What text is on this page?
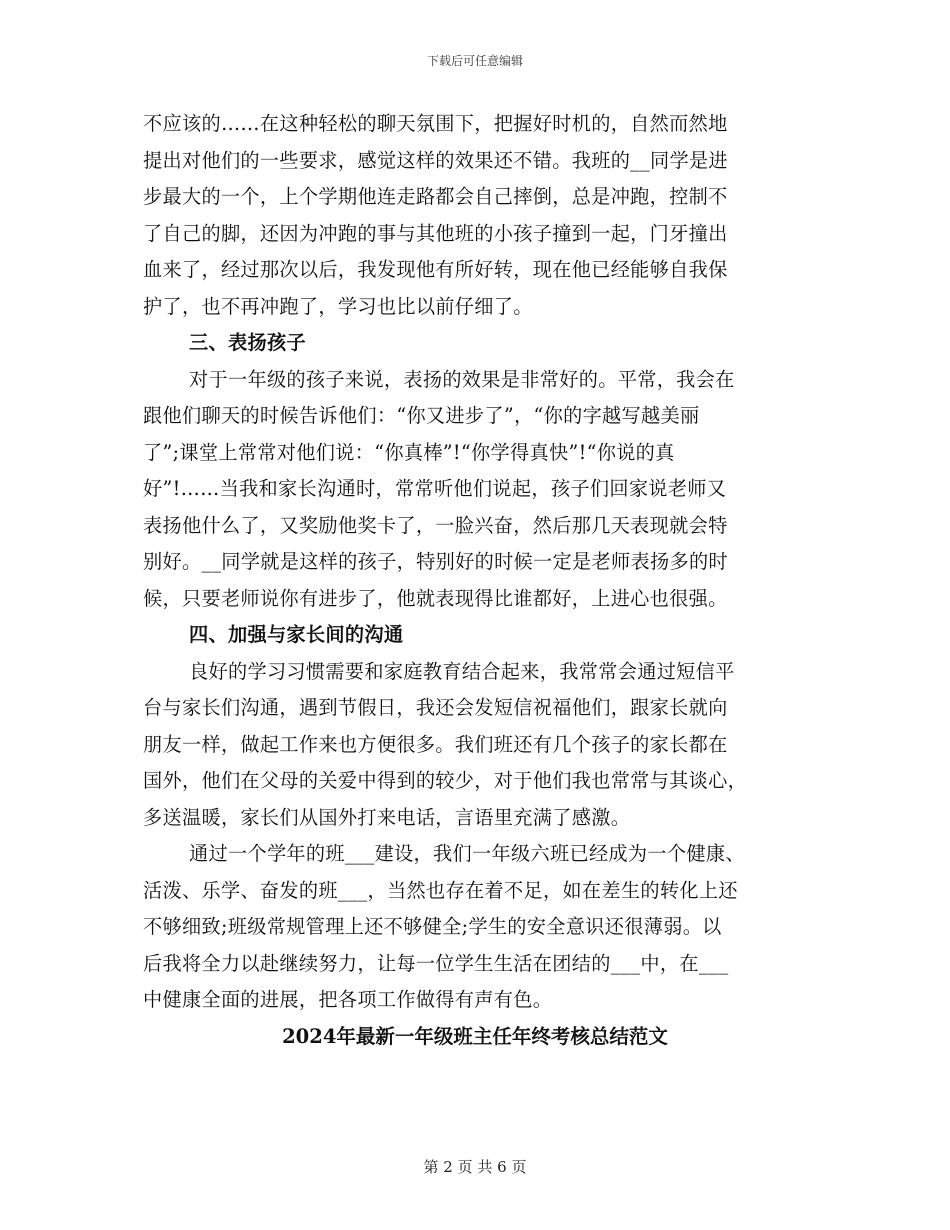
下载后可任意编辑
不应该的……在这种轻松的聊天氛围下，把握好时机的，自然而然地
提出对他们的一些要求，感觉这样的效果还不错。我班的__同学是进
步最大的一个，上个学期他连走路都会自己摔倒，总是冲跑，控制不
了自己的脚，还因为冲跑的事与其他班的小孩子撞到一起，门牙撞出
血来了，经过那次以后，我发现他有所好转，现在他已经能够自我保
护了，也不再冲跑了，学习也比以前仔细了。
三、表扬孩子
对于一年级的孩子来说，表扬的效果是非常好的。平常，我会在
跟他们聊天的时候告诉他们：“你又进步了”，“你的字越写越美丽
了”;课堂上常常对他们说：“你真棒”!“你学得真快”!“你说的真
好”!……当我和家长沟通时，常常听他们说起，孩子们回家说老师又
表扬他什么了，又奖励他奖卡了，一脸兴奋，然后那几天表现就会特
别好。__同学就是这样的孩子，特别好的时候一定是老师表扬多的时
候，只要老师说你有进步了，他就表现得比谁都好，上进心也很强。
四、加强与家长间的沟通
良好的学习习惯需要和家庭教育结合起来，我常常会通过短信平
台与家长们沟通，遇到节假日，我还会发短信祝福他们，跟家长就向
朋友一样，做起工作来也方便很多。我们班还有几个孩子的家长都在
国外，他们在父母的关爱中得到的较少，对于他们我也常常与其谈心，
多送温暖，家长们从国外打来电话，言语里充满了感激。
通过一个学年的班___建设，我们一年级六班已经成为一个健康、
活泼、乐学、奋发的班___，当然也存在着不足，如在差生的转化上还
不够细致;班级常规管理上还不够健全;学生的安全意识还很薄弱。以
后我将全力以赴继续努力，让每一位学生生活在团结的___中，在___
中健康全面的进展，把各项工作做得有声有色。
2024年最新一年级班主任年终考核总结范文
第 2 页 共 6 页
